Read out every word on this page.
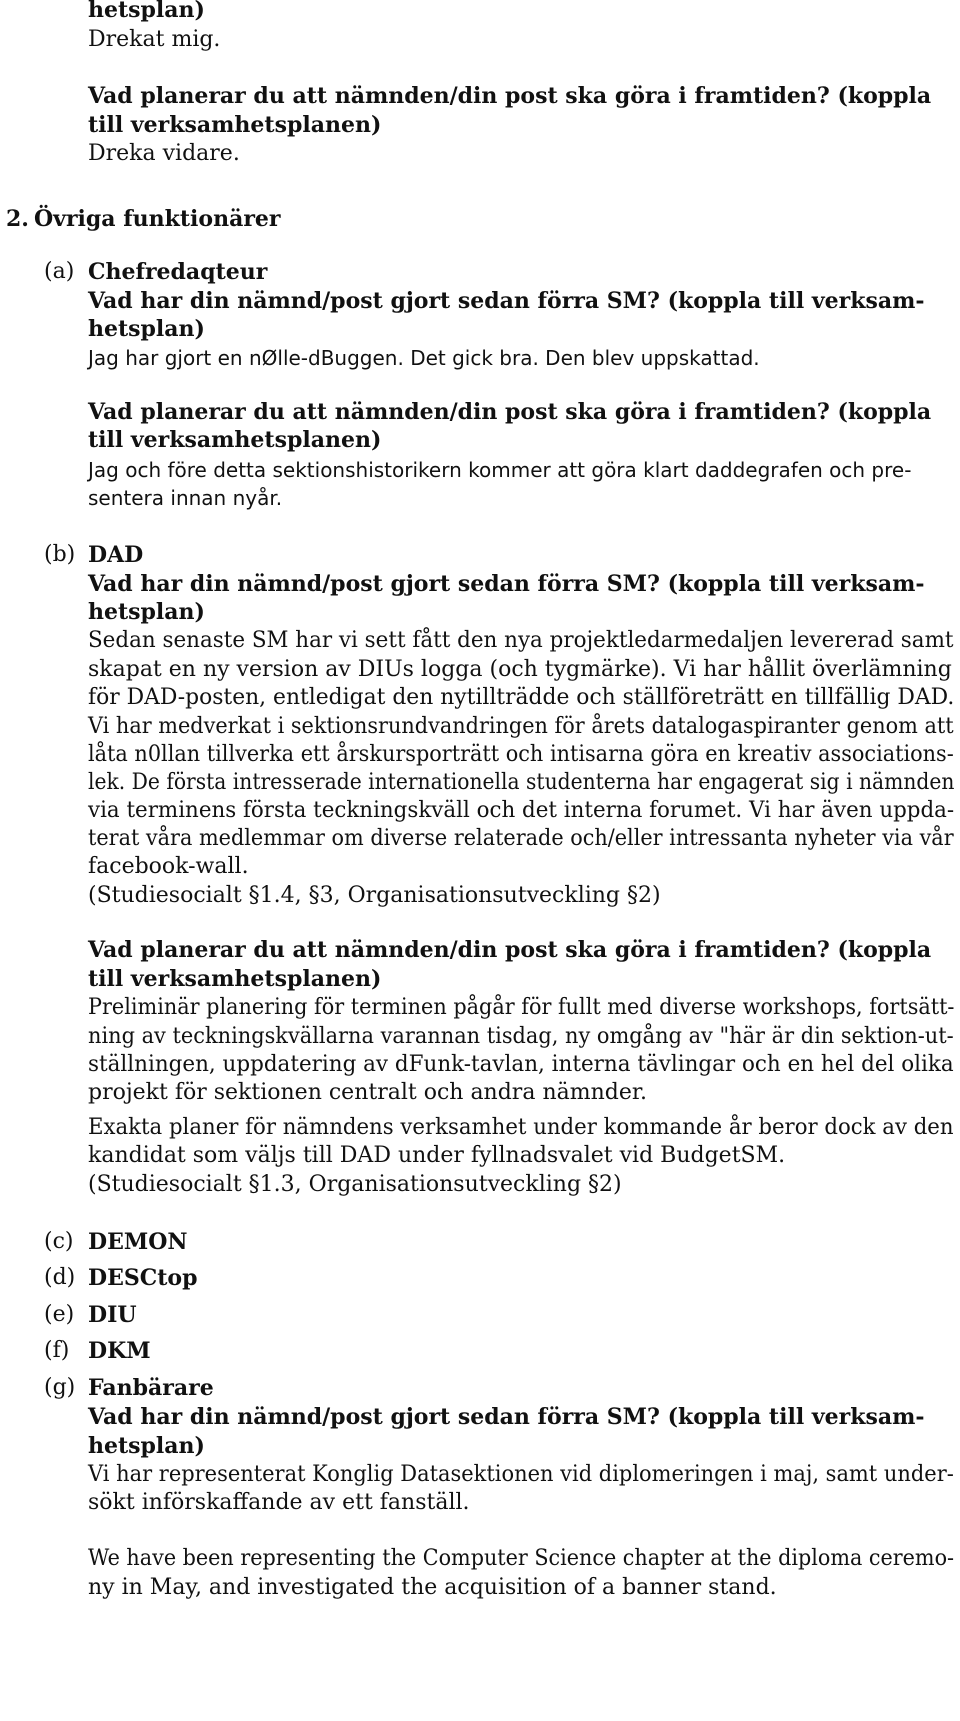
hetsplan)
Drekat mig.
Vad planerar du att nämnden/din post ska göra i framtiden? (koppla
till verksamhetsplanen)
Dreka vidare.
2. Övriga funktionärer
(a) Chefredaqteur
Vad har din nämnd/post gjort sedan förra SM? (koppla till verksam-
hetsplan)
Jag har gjort en nØlle-dBuggen. Det gick bra. Den blev uppskattad.
Vad planerar du att nämnden/din post ska göra i framtiden? (koppla
till verksamhetsplanen)
Jag och före detta sektionshistorikern kommer att göra klart daddegrafen och pre-
sentera innan nyår.
(b) DAD
Vad har din nämnd/post gjort sedan förra SM? (koppla till verksam-
hetsplan)
Sedan senaste SM har vi sett fått den nya projektledarmedaljen levererad samt
skapat en ny version av DIUs logga (och tygmärke). Vi har hållit överlämning
för DAD-posten, entledigat den nytillträdde och ställföreträtt en tillfällig DAD.
Vi har medverkat i sektionsrundvandringen för årets datalogaspiranter genom att
låta n0llan tillverka ett årskursporträtt och intisarna göra en kreativ associations-
lek. De första intresserade internationella studenterna har engagerat sig i nämnden
via terminens första teckningskväll och det interna forumet. Vi har även uppda-
terat våra medlemmar om diverse relaterade och/eller intressanta nyheter via vår
facebook-wall.
(Studiesocialt §1.4, §3, Organisationsutveckling §2)
Vad planerar du att nämnden/din post ska göra i framtiden? (koppla
till verksamhetsplanen)
Preliminär planering för terminen pågår för fullt med diverse workshops, fortsätt-
ning av teckningskvällarna varannan tisdag, ny omgång av "här är din sektion-ut-
ställningen, uppdatering av dFunk-tavlan, interna tävlingar och en hel del olika
projekt för sektionen centralt och andra nämnder.
Exakta planer för nämndens verksamhet under kommande år beror dock av den
kandidat som väljs till DAD under fyllnadsvalet vid BudgetSM.
(Studiesocialt §1.3, Organisationsutveckling §2)
(c) DEMON
(d) DESCtop
(e) DIU
(f) DKM
(g) Fanbärare
Vad har din nämnd/post gjort sedan förra SM? (koppla till verksam-
hetsplan)
Vi har representerat Konglig Datasektionen vid diplomeringen i maj, samt under-
sökt införskaffande av ett fanställ.
We have been representing the Computer Science chapter at the diploma ceremo-
ny in May, and investigated the acquisition of a banner stand.
